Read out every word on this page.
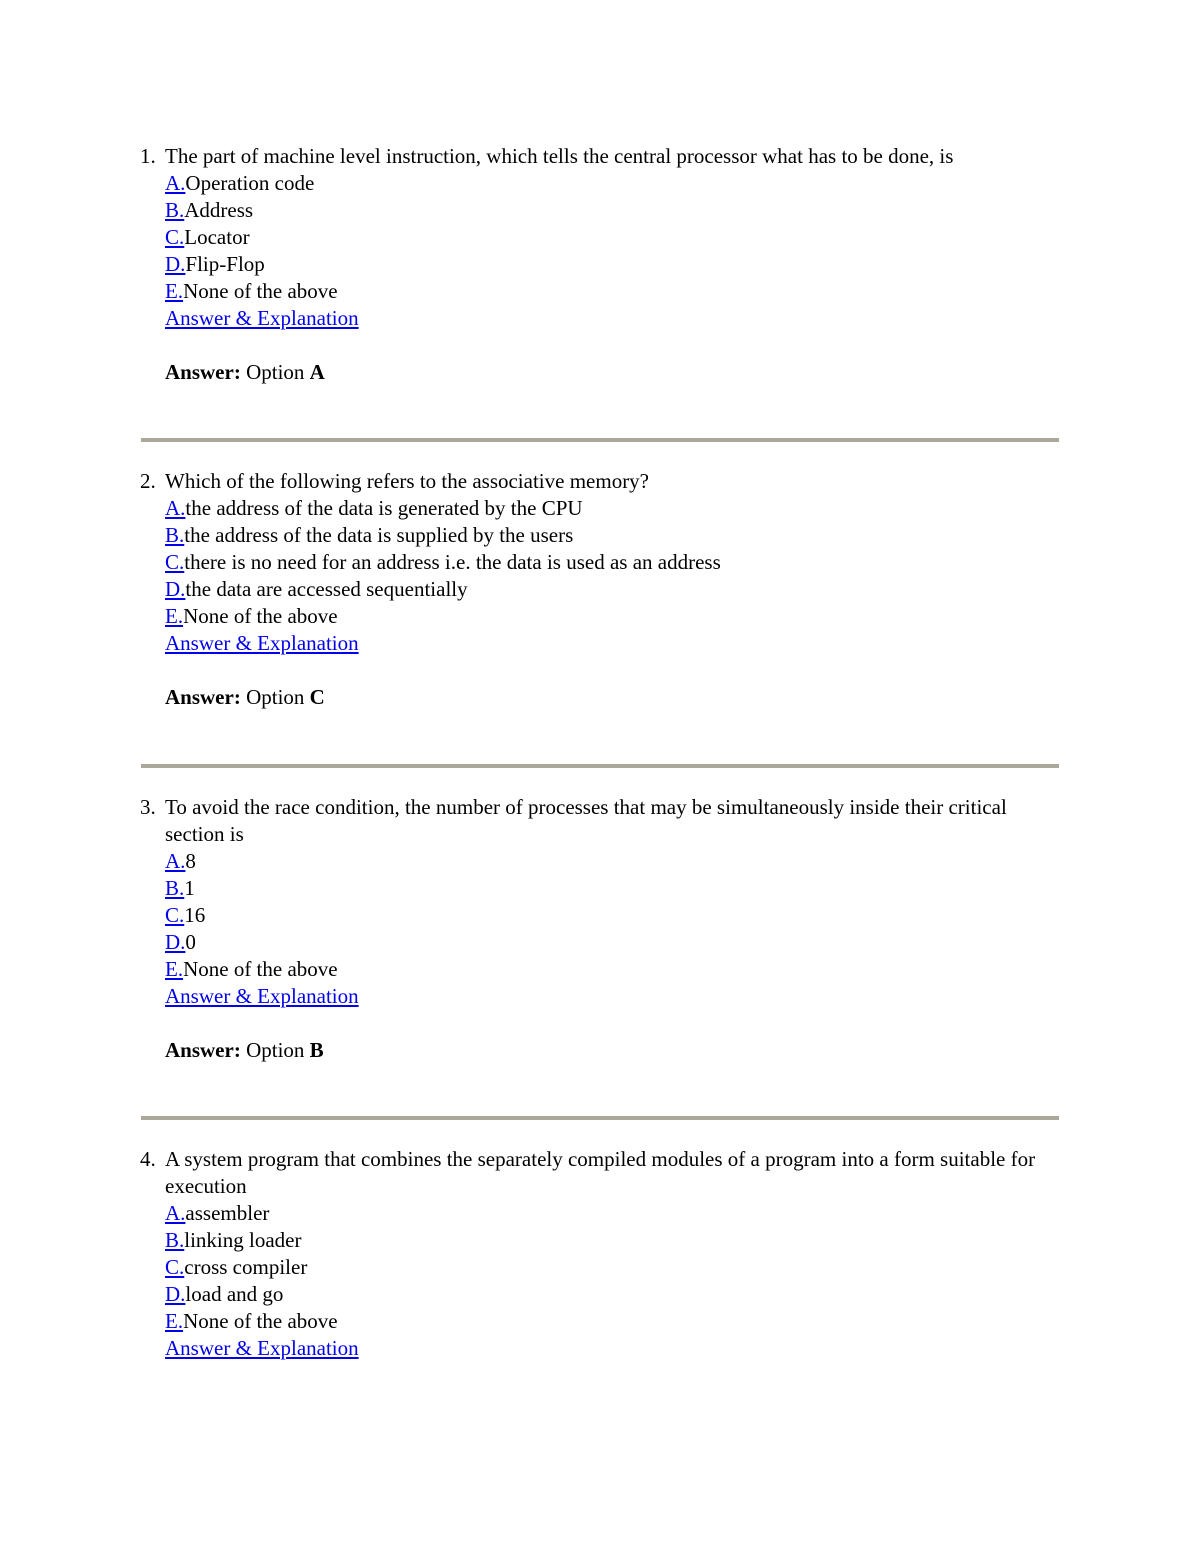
1. The part of machine level instruction, which tells the central processor what has to be done, is
A.Operation code
B.Address
C.Locator
D.Flip-Flop
E.None of the above
Answer & Explanation
Answer: Option A
2. Which of the following refers to the associative memory?
A.the address of the data is generated by the CPU
B.the address of the data is supplied by the users
C.there is no need for an address i.e. the data is used as an address
D.the data are accessed sequentially
E.None of the above
Answer & Explanation
Answer: Option C
3. To avoid the race condition, the number of processes that may be simultaneously inside their critical section is
A.8
B.1
C.16
D.0
E.None of the above
Answer & Explanation
Answer: Option B
4. A system program that combines the separately compiled modules of a program into a form suitable for execution
A.assembler
B.linking loader
C.cross compiler
D.load and go
E.None of the above
Answer & Explanation
